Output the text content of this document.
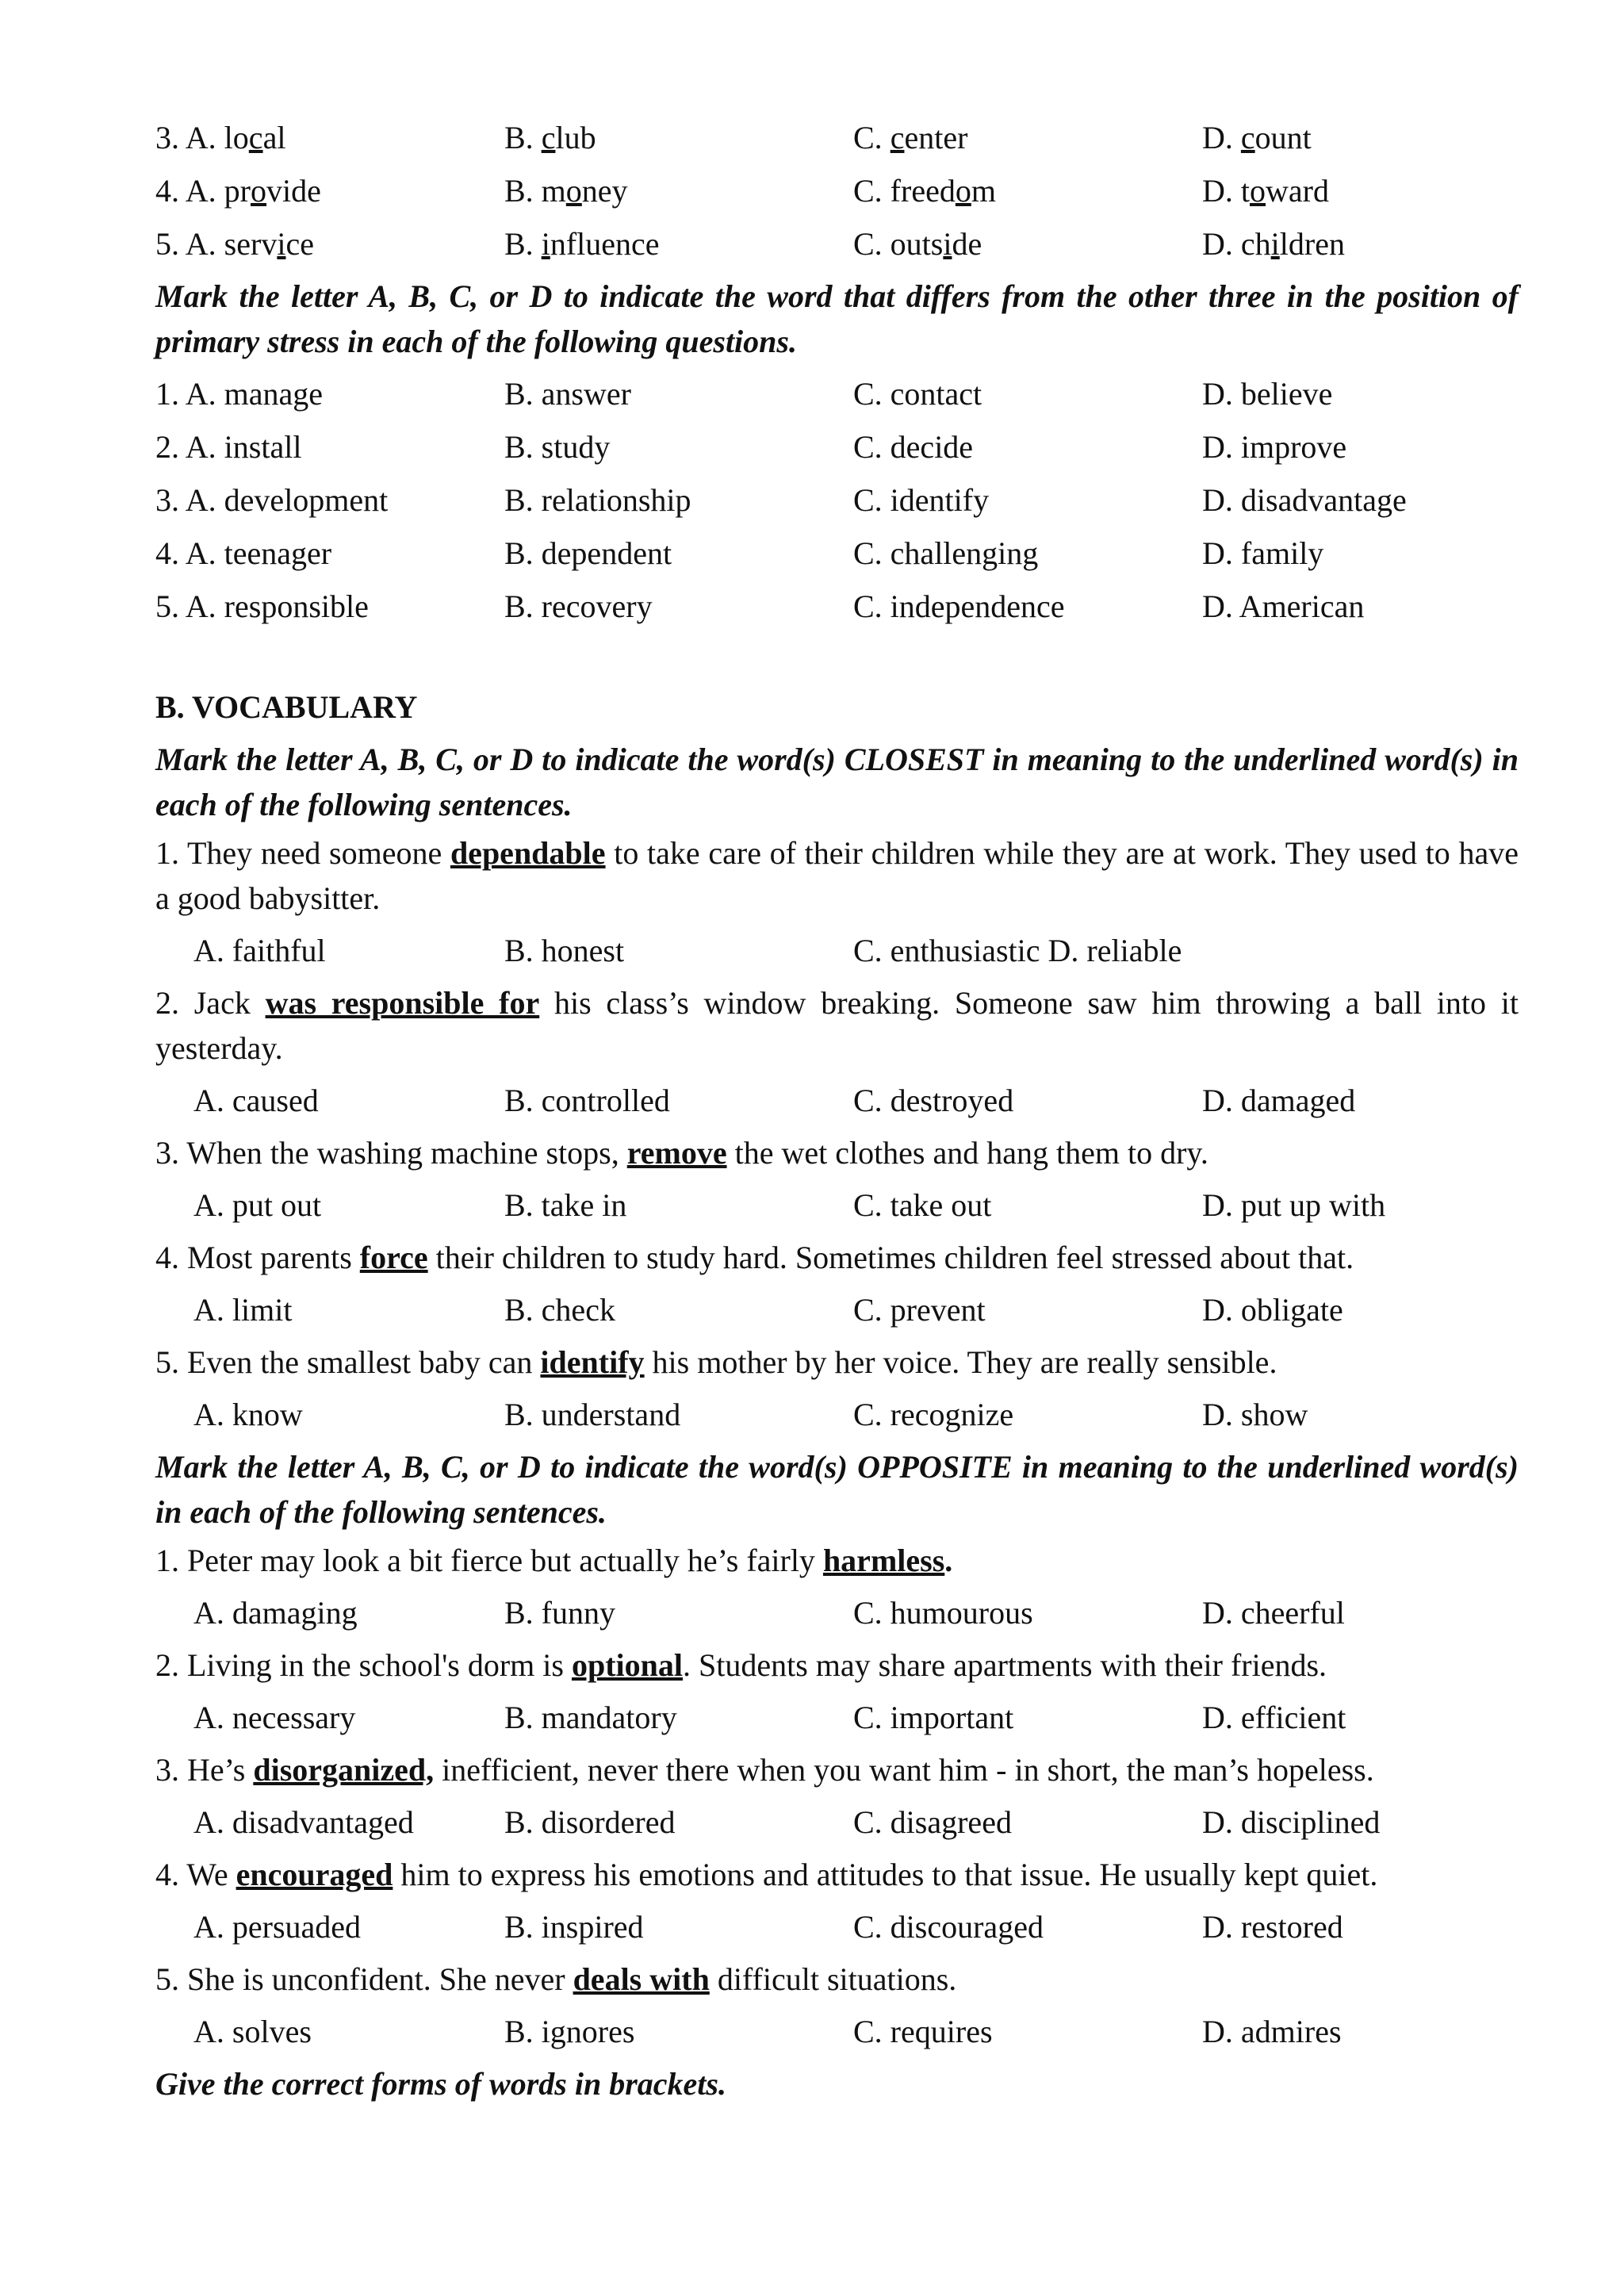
3. A. local	B. club	C. center	D. count
4. A. provide	B. money	C. freedom	D. toward
5. A. service	B. influence	C. outside	D. children
Mark the letter A, B, C, or D to indicate the word that differs from the other three in the position of primary stress in each of the following questions.
1. A. manage	B. answer	C. contact	D. believe
2. A. install	B. study	C. decide	D. improve
3. A. development	B. relationship	C. identify	D. disadvantage
4. A. teenager	B. dependent	C. challenging	D. family
5. A. responsible	B. recovery	C. independence	D. American
B. VOCABULARY
Mark the letter A, B, C, or D to indicate the word(s) CLOSEST in meaning to the underlined word(s) in each of the following sentences.
1. They need someone dependable to take care of their children while they are at work. They used to have a good babysitter.
A. faithful	B. honest	C. enthusiastic D. reliable
2. Jack was responsible for his class’s window breaking. Someone saw him throwing a ball into it yesterday.
A. caused	B. controlled	C. destroyed	D. damaged
3. When the washing machine stops, remove the wet clothes and hang them to dry.
A. put out	B. take in	C. take out	D. put up with
4. Most parents force their children to study hard. Sometimes children feel stressed about that.
A. limit	B. check	C. prevent	D. obligate
5. Even the smallest baby can identify his mother by her voice. They are really sensible.
A. know	B. understand	C. recognize	D. show
Mark the letter A, B, C, or D to indicate the word(s) OPPOSITE in meaning to the underlined word(s) in each of the following sentences.
1. Peter may look a bit fierce but actually he’s fairly harmless.
A. damaging	B. funny	C. humourous	D. cheerful
2. Living in the school's dorm is optional. Students may share apartments with their friends.
A. necessary	B. mandatory	C. important	D. efficient
3. He’s disorganized, inefficient, never there when you want him - in short, the man’s hopeless.
A. disadvantaged	B. disordered	C. disagreed	D. disciplined
4. We encouraged him to express his emotions and attitudes to that issue. He usually kept quiet.
A. persuaded	B. inspired	C. discouraged	D. restored
5. She is unconfident. She never deals with difficult situations.
A. solves	B. ignores	C. requires	D. admires
Give the correct forms of words in brackets.
